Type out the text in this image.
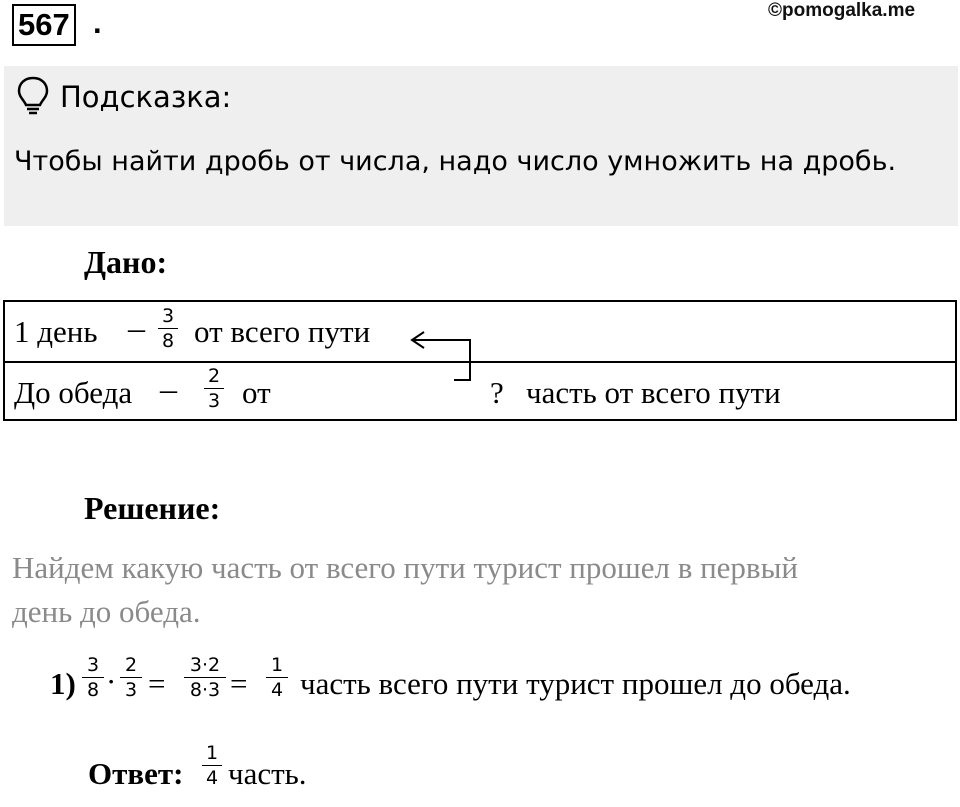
567 .	©pomogalka.me
Подсказка:
Чтобы найти дробь от числа, надо число умножить на дробь.
Дано:
1 день – 3
8 от всего пути
До обеда – 2
3 от	? часть от всего пути
Решение:
Найдем какую часть от всего пути турист прошел в первый
день до обеда.
1)
3
8 · 2
3 =
3·2
8·3 =
1
4 часть всего пути турист прошел до обеда.
Ответ:
1
4 часть.
